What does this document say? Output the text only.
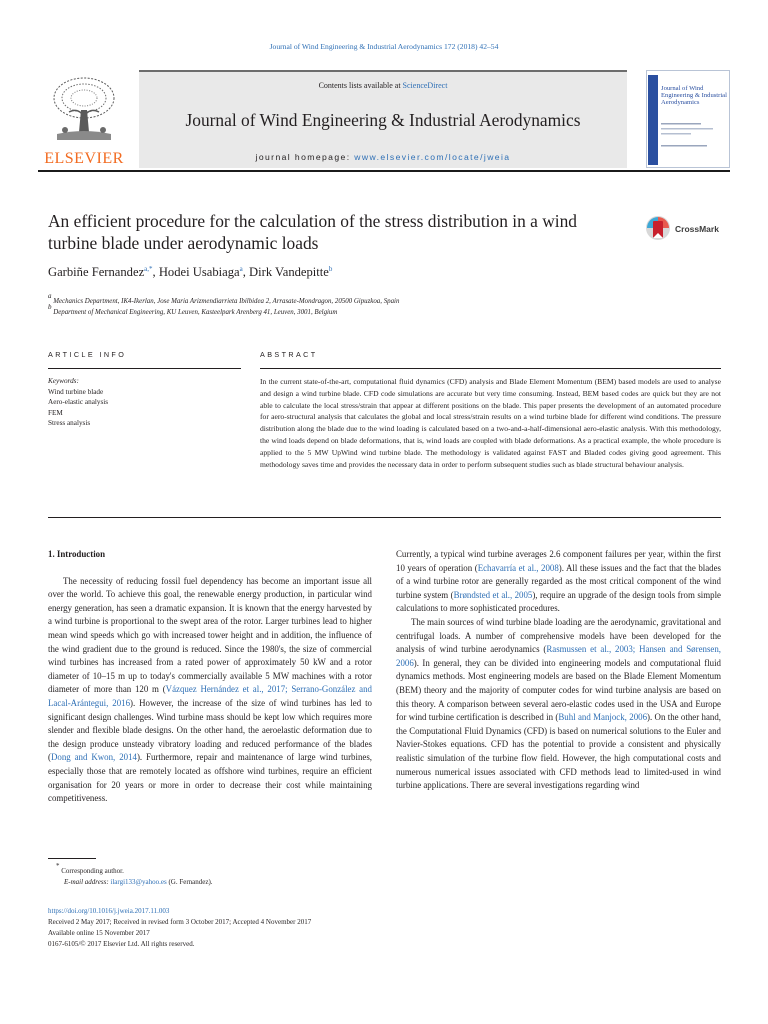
Journal of Wind Engineering & Industrial Aerodynamics 172 (2018) 42–54
ELSEVIER
Contents lists available at ScienceDirect
Journal of Wind Engineering & Industrial Aerodynamics
journal homepage: www.elsevier.com/locate/jweia
Journal of Wind Engineering & Industrial Aerodynamics
An efficient procedure for the calculation of the stress distribution in a wind turbine blade under aerodynamic loads
CrossMark
Garbiñe Fernandez$^{a,*}$, Hodei Usabiaga$^a$, Dirk Vandepitte$^b$
$^a$ Mechanics Department, IK4-Ikerlan, Jose Maria Arizmendiarrieta Ibilbidea 2, Arrasate-Mondragon, 20500 Gipuzkoa, Spain
$^b$ Department of Mechanical Engineering, KU Leuven, Kasteelpark Arenberg 41, Leuven, 3001, Belgium
ARTICLE INFO	ABSTRACT
Keywords:
Wind turbine blade
Aero-elastic analysis
FEM
Stress analysis
In the current state-of-the-art, computational fluid dynamics (CFD) analysis and Blade Element Momentum (BEM) based models are used to analyse and design a wind turbine blade. CFD code simulations are accurate but very time consuming. Instead, BEM based codes are quick but they are not able to calculate the local stress/strain that appear at different positions on the blade. This paper presents the development of an automated procedure for aero-structural analysis that calculates the global and local stress/strain results on a wind turbine blade for different wind conditions. The pressure distribution along the blade due to the wind loading is calculated based on a two-and-a-half-dimensional aero-elastic analysis. With this methodology, the wind loads depend on blade deformations, that is, wind loads are coupled with blade deformations. As a practical example, the whole procedure is applied to the 5 MW UpWind wind turbine blade. The methodology is validated against FAST and Bladed codes giving good agreement. This methodology saves time and provides the necessary data in order to perform subsequent studies such as blade structural behaviour analysis.
1. Introduction

The necessity of reducing fossil fuel dependency has become an important issue all over the world. To achieve this goal, the renewable energy production, in particular wind energy generation, has seen a dramatic expansion. It is known that the energy harvested by a wind turbine is proportional to the swept area of the rotor. Larger turbines lead to higher mean wind speeds which go with increased tower height and in addition, the influence of the wind gradient due to the ground is reduced. Since the 1980's, the size of commercial wind turbines has increased from a rated power of approximately 50 kW and a rotor diameter of 10–15 m up to today's commercially available 5 MW machines with a rotor diameter of more than 120 m (Vázquez Hernández et al., 2017; Serrano-González and Lacal-Arántegui, 2016). However, the increase of the size of wind turbines has led to significant design challenges. Wind turbine mass should be kept low which requires more slender and flexible blade designs. On the other hand, the aeroelastic deformation due to the design produce unsteady vibratory loading and reduced performance of the blades (Dong and Kwon, 2014). Furthermore, repair and maintenance of large wind turbines, especially those that are remotely located as offshore wind turbines, require an efficient organisation for 20 years or more in order to decrease their cost while maintaining competitiveness.

Currently, a typical wind turbine averages 2.6 component failures per year, within the first 10 years of operation (Echavarría et al., 2008). All these issues and the fact that the blades of a wind turbine rotor are generally regarded as the most critical component of the wind turbine system (Brøndsted et al., 2005), require an upgrade of the design tools from simple calculations to more sophisticated procedures.

The main sources of wind turbine blade loading are the aerodynamic, gravitational and centrifugal loads. A number of comprehensive models have been developed for the analysis of wind turbine aerodynamics (Rasmussen et al., 2003; Hansen and Sørensen, 2006). In general, they can be divided into engineering models and computational fluid dynamics methods. Most engineering models are based on the Blade Element Momentum (BEM) theory and the majority of computer codes for wind turbine analysis are based on this theory. A comparison between several aero-elastic codes used in the USA and Europe for wind turbine certification is described in (Buhl and Manjock, 2006). On the other hand, the Computational Fluid Dynamics (CFD) is based on numerical solutions to the Euler and Navier-Stokes equations. CFD has the potential to provide a consistent and physically realistic simulation of the turbine flow field. However, the high computational costs and numerous numerical issues associated with CFD methods lead to limited-used in wind turbine applications. There are several investigations regarding wind

* Corresponding author.
E-mail address: ilargi133@yahoo.es (G. Fernandez).
https://doi.org/10.1016/j.jweia.2017.11.003
Received 2 May 2017; Received in revised form 3 October 2017; Accepted 4 November 2017
Available online 15 November 2017
0167-6105/© 2017 Elsevier Ltd. All rights reserved.
